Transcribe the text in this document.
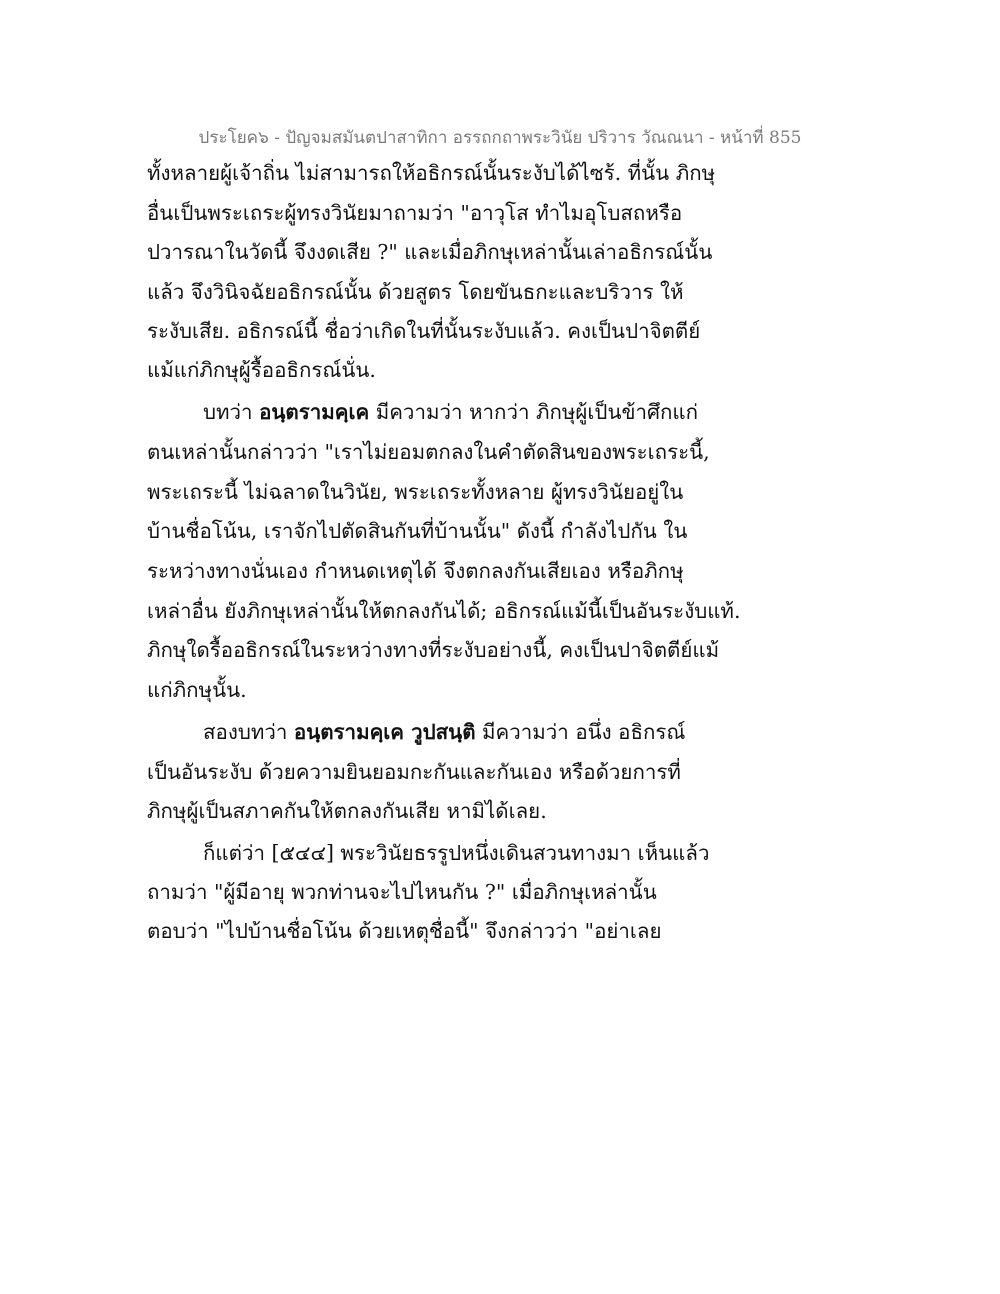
ประโยค๖ - ปัญจมสมันตปาสาทิกา อรรถกถาพระวินัย ปริวาร วัณณนา - หน้าที่ 855
ทั้งหลายผู้เจ้าถิ่น ไม่สามารถให้อธิกรณ์นั้นระงับได้ไซร้. ที่นั้น ภิกษุ
อื่นเป็นพระเถระผู้ทรงวินัยมาถามว่า "อาวุโส ทำไมอุโบสถหรือ
ปวารณาในวัดนี้ จึงงดเสีย ?" และเมื่อภิกษุเหล่านั้นเล่าอธิกรณ์นั้น
แล้ว จึงวินิจฉัยอธิกรณ์นั้น ด้วยสูตร โดยขันธกะและบริวาร ให้
ระงับเสีย. อธิกรณ์นี้ ชื่อว่าเกิดในที่นั้นระงับแล้ว. คงเป็นปาจิตตีย์
แม้แก่ภิกษุผู้รื้ออธิกรณ์นั่น.
บทว่า อนฺตรามคฺเค มีความว่า หากว่า ภิกษุผู้เป็นข้าศึกแก่
ตนเหล่านั้นกล่าวว่า "เราไม่ยอมตกลงในคำตัดสินของพระเถระนี้,
พระเถระนี้ ไม่ฉลาดในวินัย, พระเถระทั้งหลาย ผู้ทรงวินัยอยู่ใน
บ้านชื่อโน้น, เราจักไปตัดสินกันที่บ้านนั้น" ดังนี้ กำลังไปกัน ใน
ระหว่างทางนั่นเอง กำหนดเหตุได้ จึงตกลงกันเสียเอง หรือภิกษุ
เหล่าอื่น ยังภิกษุเหล่านั้นให้ตกลงกันได้; อธิกรณ์แม้นี้เป็นอันระงับแท้.
ภิกษุใดรื้ออธิกรณ์ในระหว่างทางที่ระงับอย่างนี้, คงเป็นปาจิตตีย์แม้
แก่ภิกษุนั้น.
สองบทว่า อนฺตรามคฺเค วูปสนฺติ มีความว่า อนึ่ง อธิกรณ์
เป็นอันระงับ ด้วยความยินยอมกะกันและกันเอง หรือด้วยการที่
ภิกษุผู้เป็นสภาคกันให้ตกลงกันเสีย หามิได้เลย.
ก็แต่ว่า [๕๔๔] พระวินัยธรรูปหนึ่งเดินสวนทางมา เห็นแล้ว
ถามว่า "ผู้มีอายุ พวกท่านจะไปไหนกัน ?" เมื่อภิกษุเหล่านั้น
ตอบว่า "ไปบ้านชื่อโน้น ด้วยเหตุชื่อนี้" จึงกล่าวว่า "อย่าเลย
